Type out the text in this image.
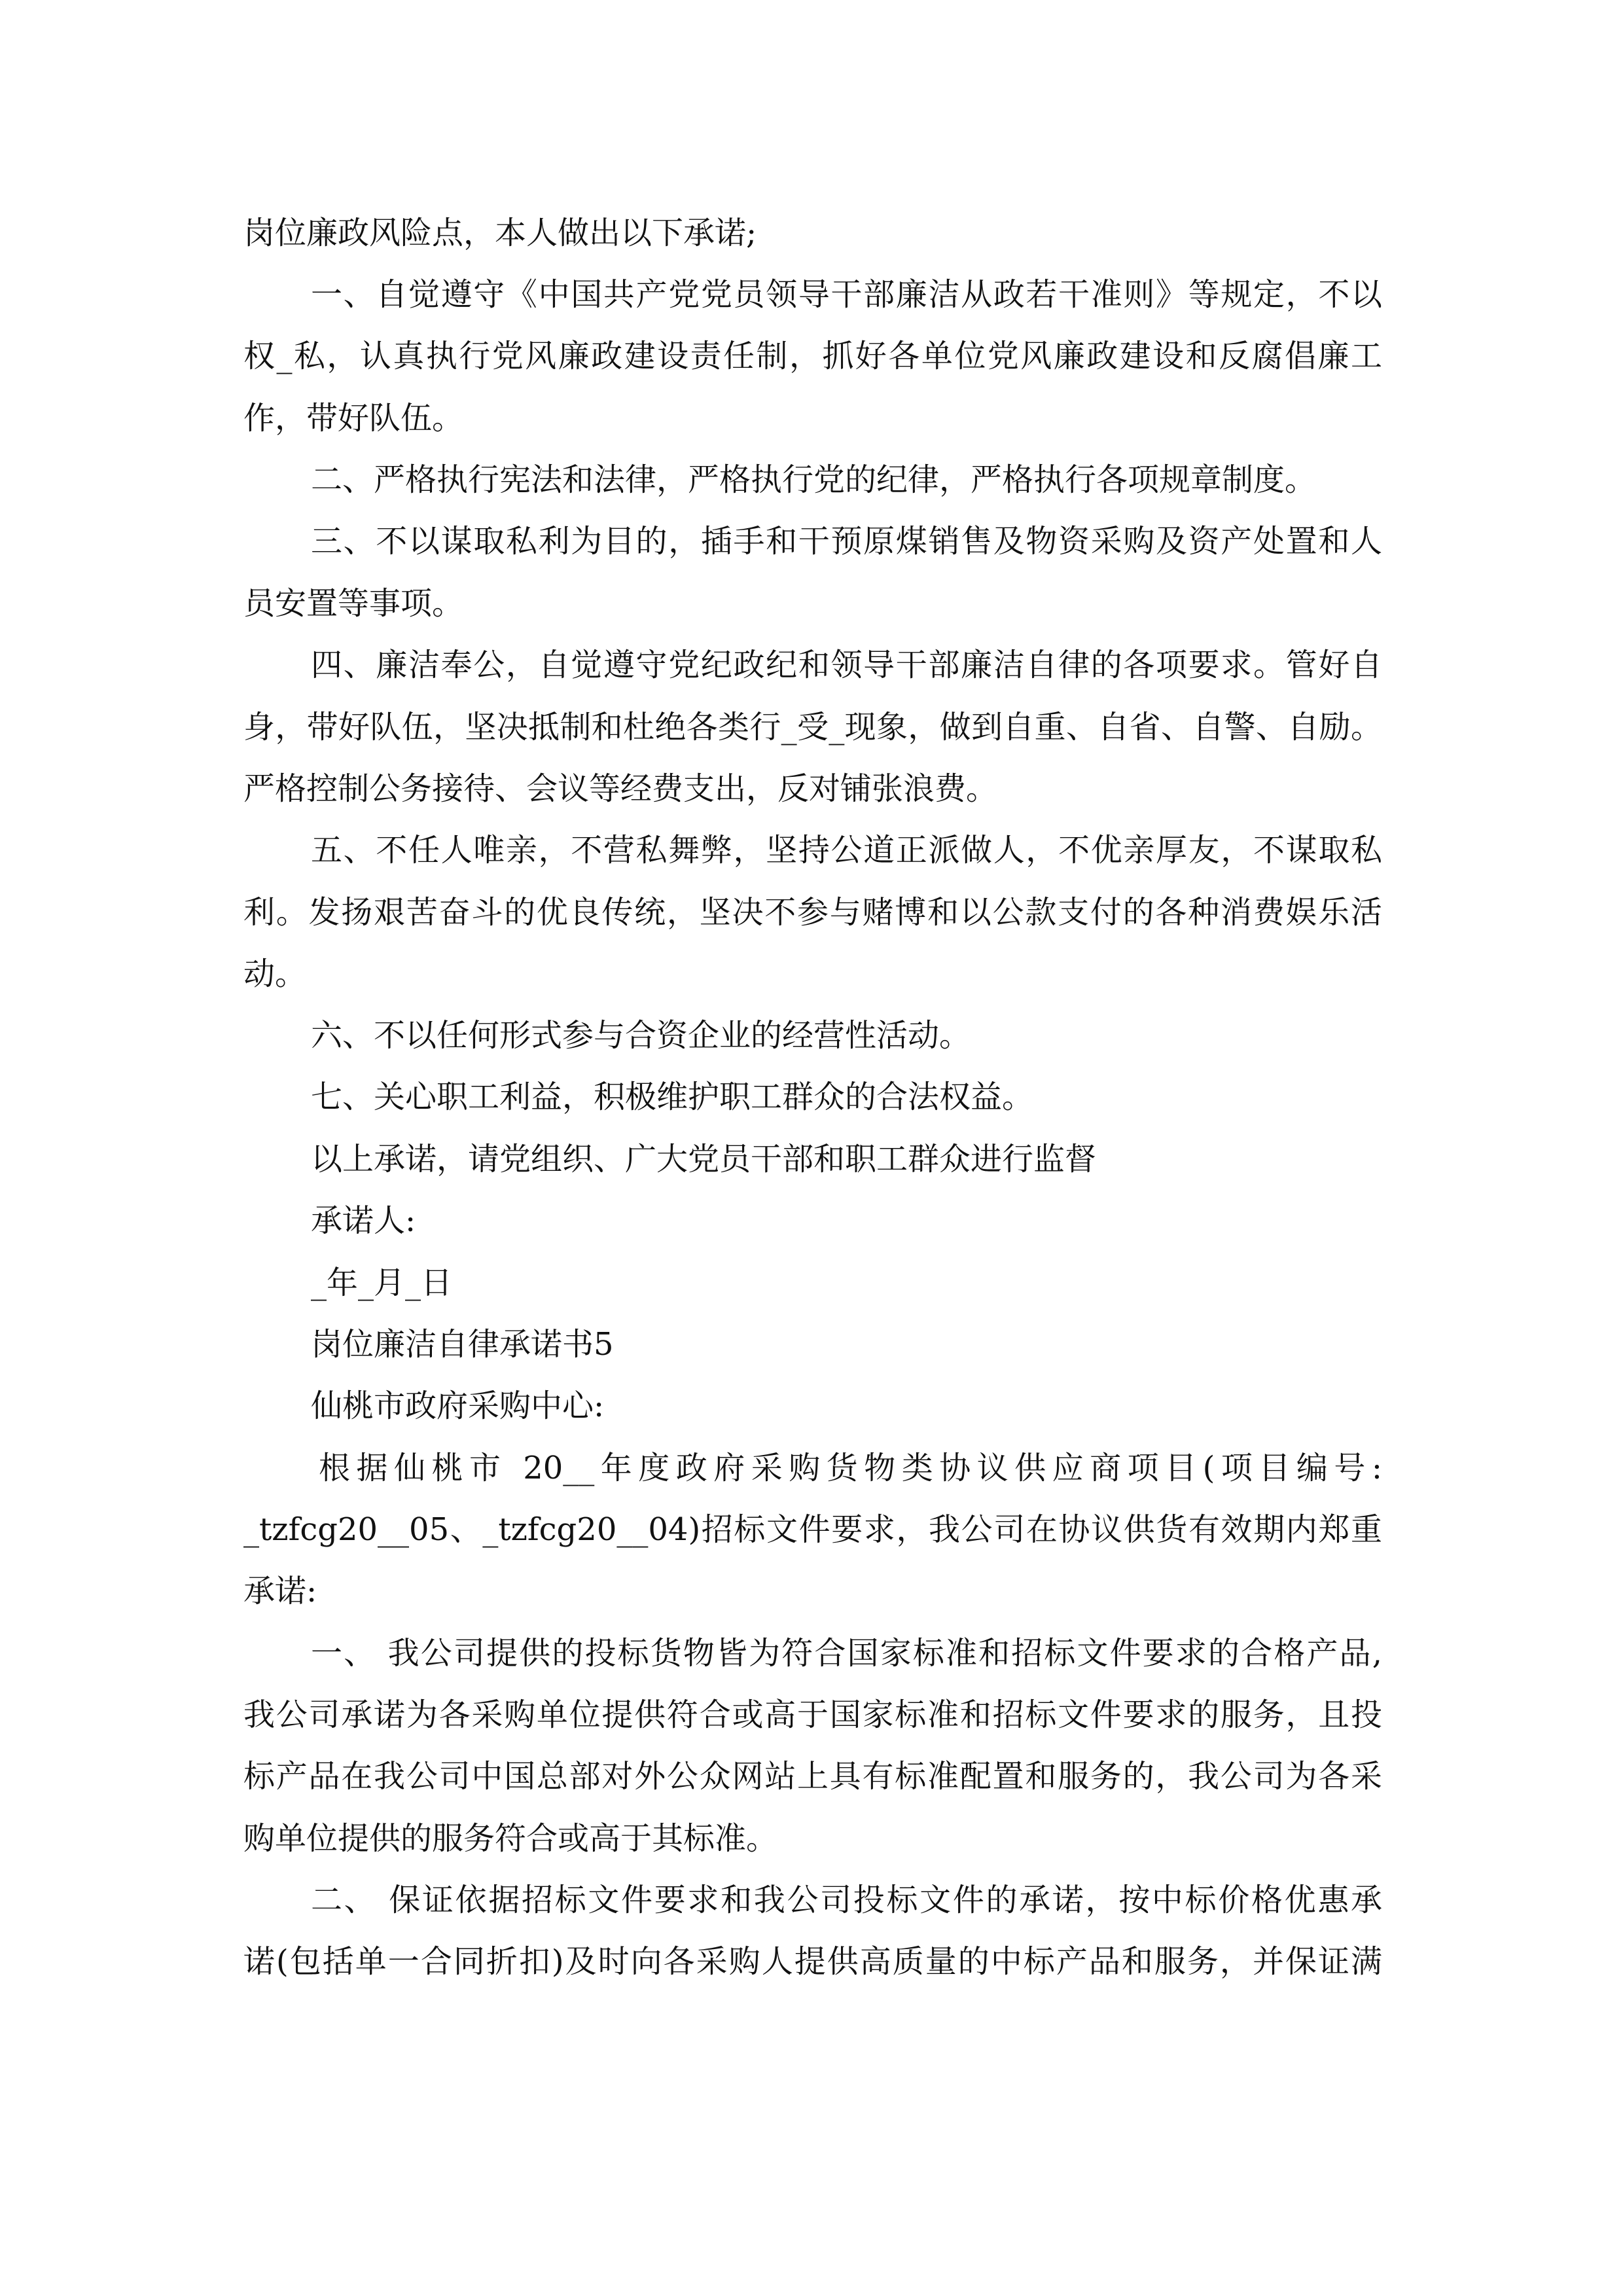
岗位廉政风险点，本人做出以下承诺;
一、自觉遵守《中国共产党党员领导干部廉洁从政若干准则》等规定，不以
权_私，认真执行党风廉政建设责任制，抓好各单位党风廉政建设和反腐倡廉工
作，带好队伍。
二、严格执行宪法和法律，严格执行党的纪律，严格执行各项规章制度。
三、不以谋取私利为目的，插手和干预原煤销售及物资采购及资产处置和人
员安置等事项。
四、廉洁奉公，自觉遵守党纪政纪和领导干部廉洁自律的各项要求。管好自
身，带好队伍，坚决抵制和杜绝各类行_受_现象，做到自重、自省、自警、自励。
严格控制公务接待、会议等经费支出，反对铺张浪费。
五、不任人唯亲，不营私舞弊，坚持公道正派做人，不优亲厚友，不谋取私
利。发扬艰苦奋斗的优良传统，坚决不参与赌博和以公款支付的各种消费娱乐活
动。
六、不以任何形式参与合资企业的经营性活动。
七、关心职工利益，积极维护职工群众的合法权益。
以上承诺，请党组织、广大党员干部和职工群众进行监督
承诺人:
_年_月_日
岗位廉洁自律承诺书5
仙桃市政府采购中心:
根据仙桃市 20__年度政府采购货物类协议供应商项目(项目编号:
_tzfcg20__05、_tzfcg20__04)招标文件要求，我公司在协议供货有效期内郑重
承诺:
一、 我公司提供的投标货物皆为符合国家标准和招标文件要求的合格产品,
我公司承诺为各采购单位提供符合或高于国家标准和招标文件要求的服务，且投
标产品在我公司中国总部对外公众网站上具有标准配置和服务的，我公司为各采
购单位提供的服务符合或高于其标准。
二、 保证依据招标文件要求和我公司投标文件的承诺，按中标价格优惠承
诺(包括单一合同折扣)及时向各采购人提供高质量的中标产品和服务，并保证满
